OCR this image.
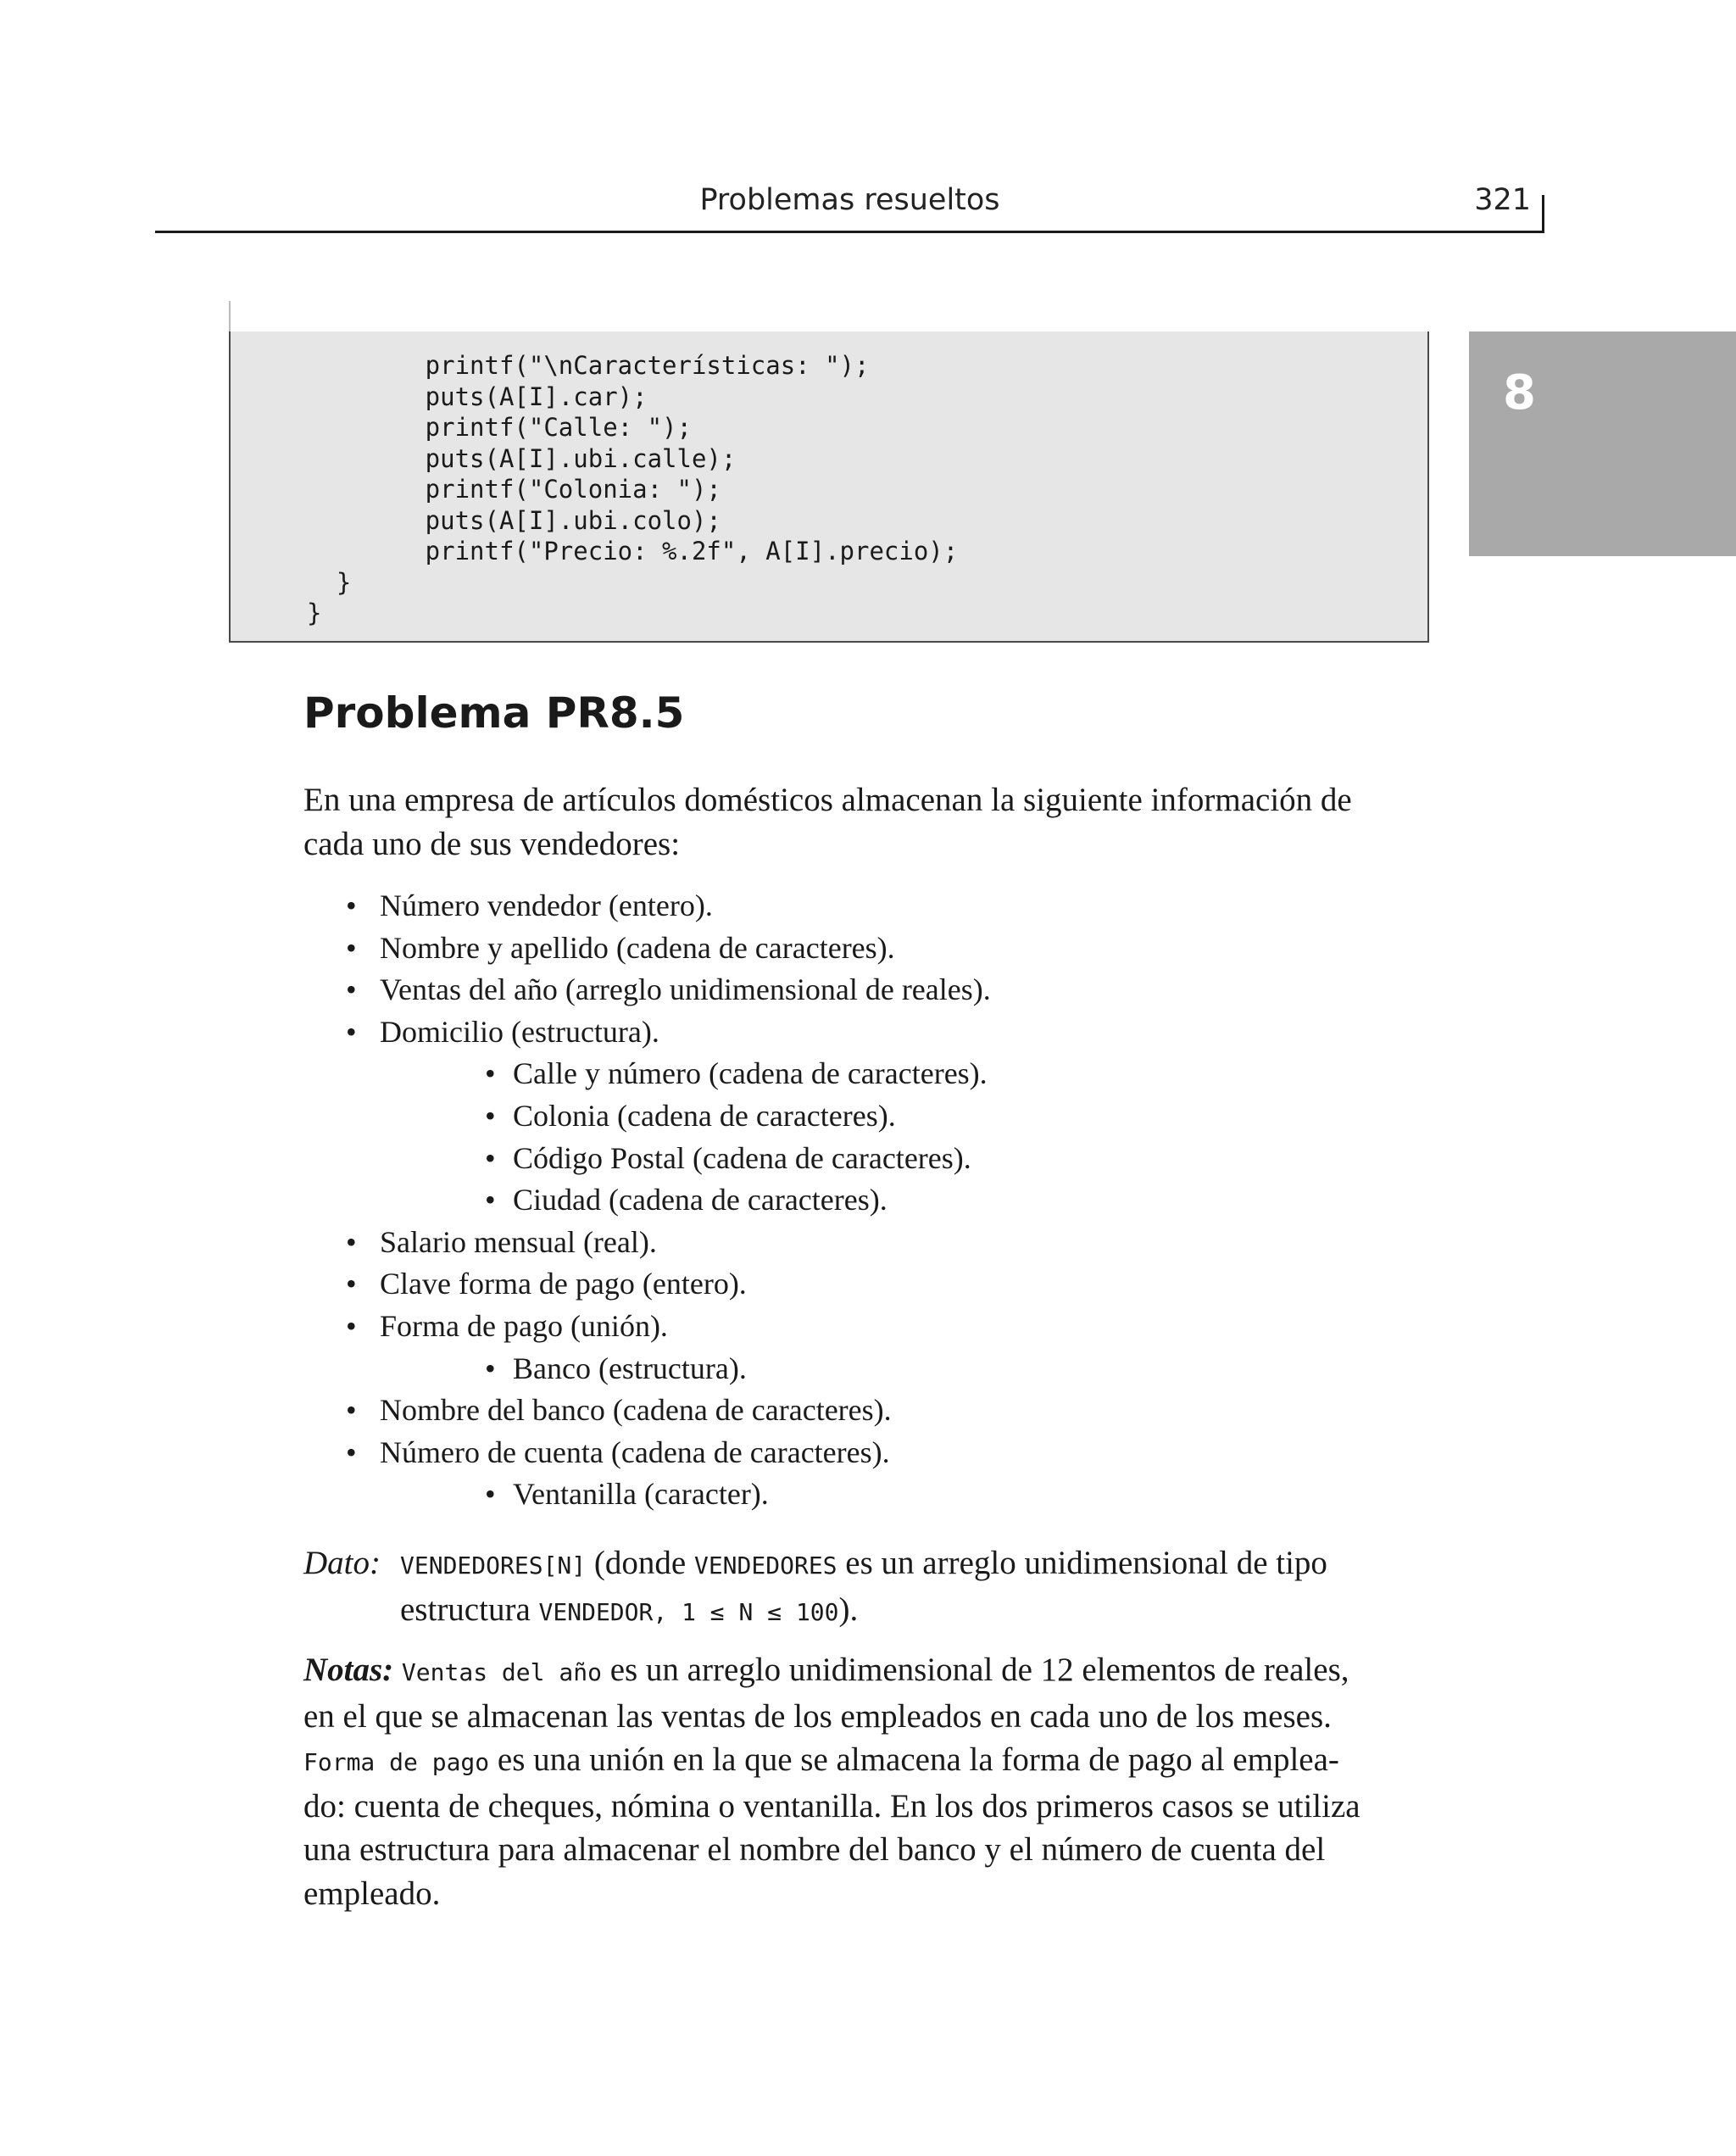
Problemas resueltos	321
8
printf("\nCaracterísticas: ");
puts(A[I].car);
printf("Calle: ");
puts(A[I].ubi.calle);
printf("Colonia: ");
puts(A[I].ubi.colo);
printf("Precio: %.2f", A[I].precio);
}
}
Problema PR8.5

En una empresa de artículos domésticos almacenan la siguiente información de
cada uno de sus vendedores:

• Número vendedor (entero).
• Nombre y apellido (cadena de caracteres).
• Ventas del año (arreglo unidimensional de reales).
• Domicilio (estructura).
• Calle y número (cadena de caracteres).
• Colonia (cadena de caracteres).
• Código Postal (cadena de caracteres).
• Ciudad (cadena de caracteres).
• Salario mensual (real).
• Clave forma de pago (entero).
• Forma de pago (unión).
• Banco (estructura).
• Nombre del banco (cadena de caracteres).
• Número de cuenta (cadena de caracteres).
• Ventanilla (caracter).
Dato: VENDEDORES[N] (donde VENDEDORES es un arreglo unidimensional de tipo
estructura VENDEDOR, 1 ≤ N ≤ 100).

Notas: Ventas del año es un arreglo unidimensional de 12 elementos de reales,
en el que se almacenan las ventas de los empleados en cada uno de los meses.
Forma de pago es una unión en la que se almacena la forma de pago al emplea-
do: cuenta de cheques, nómina o ventanilla. En los dos primeros casos se utiliza
una estructura para almacenar el nombre del banco y el número de cuenta del
empleado.
